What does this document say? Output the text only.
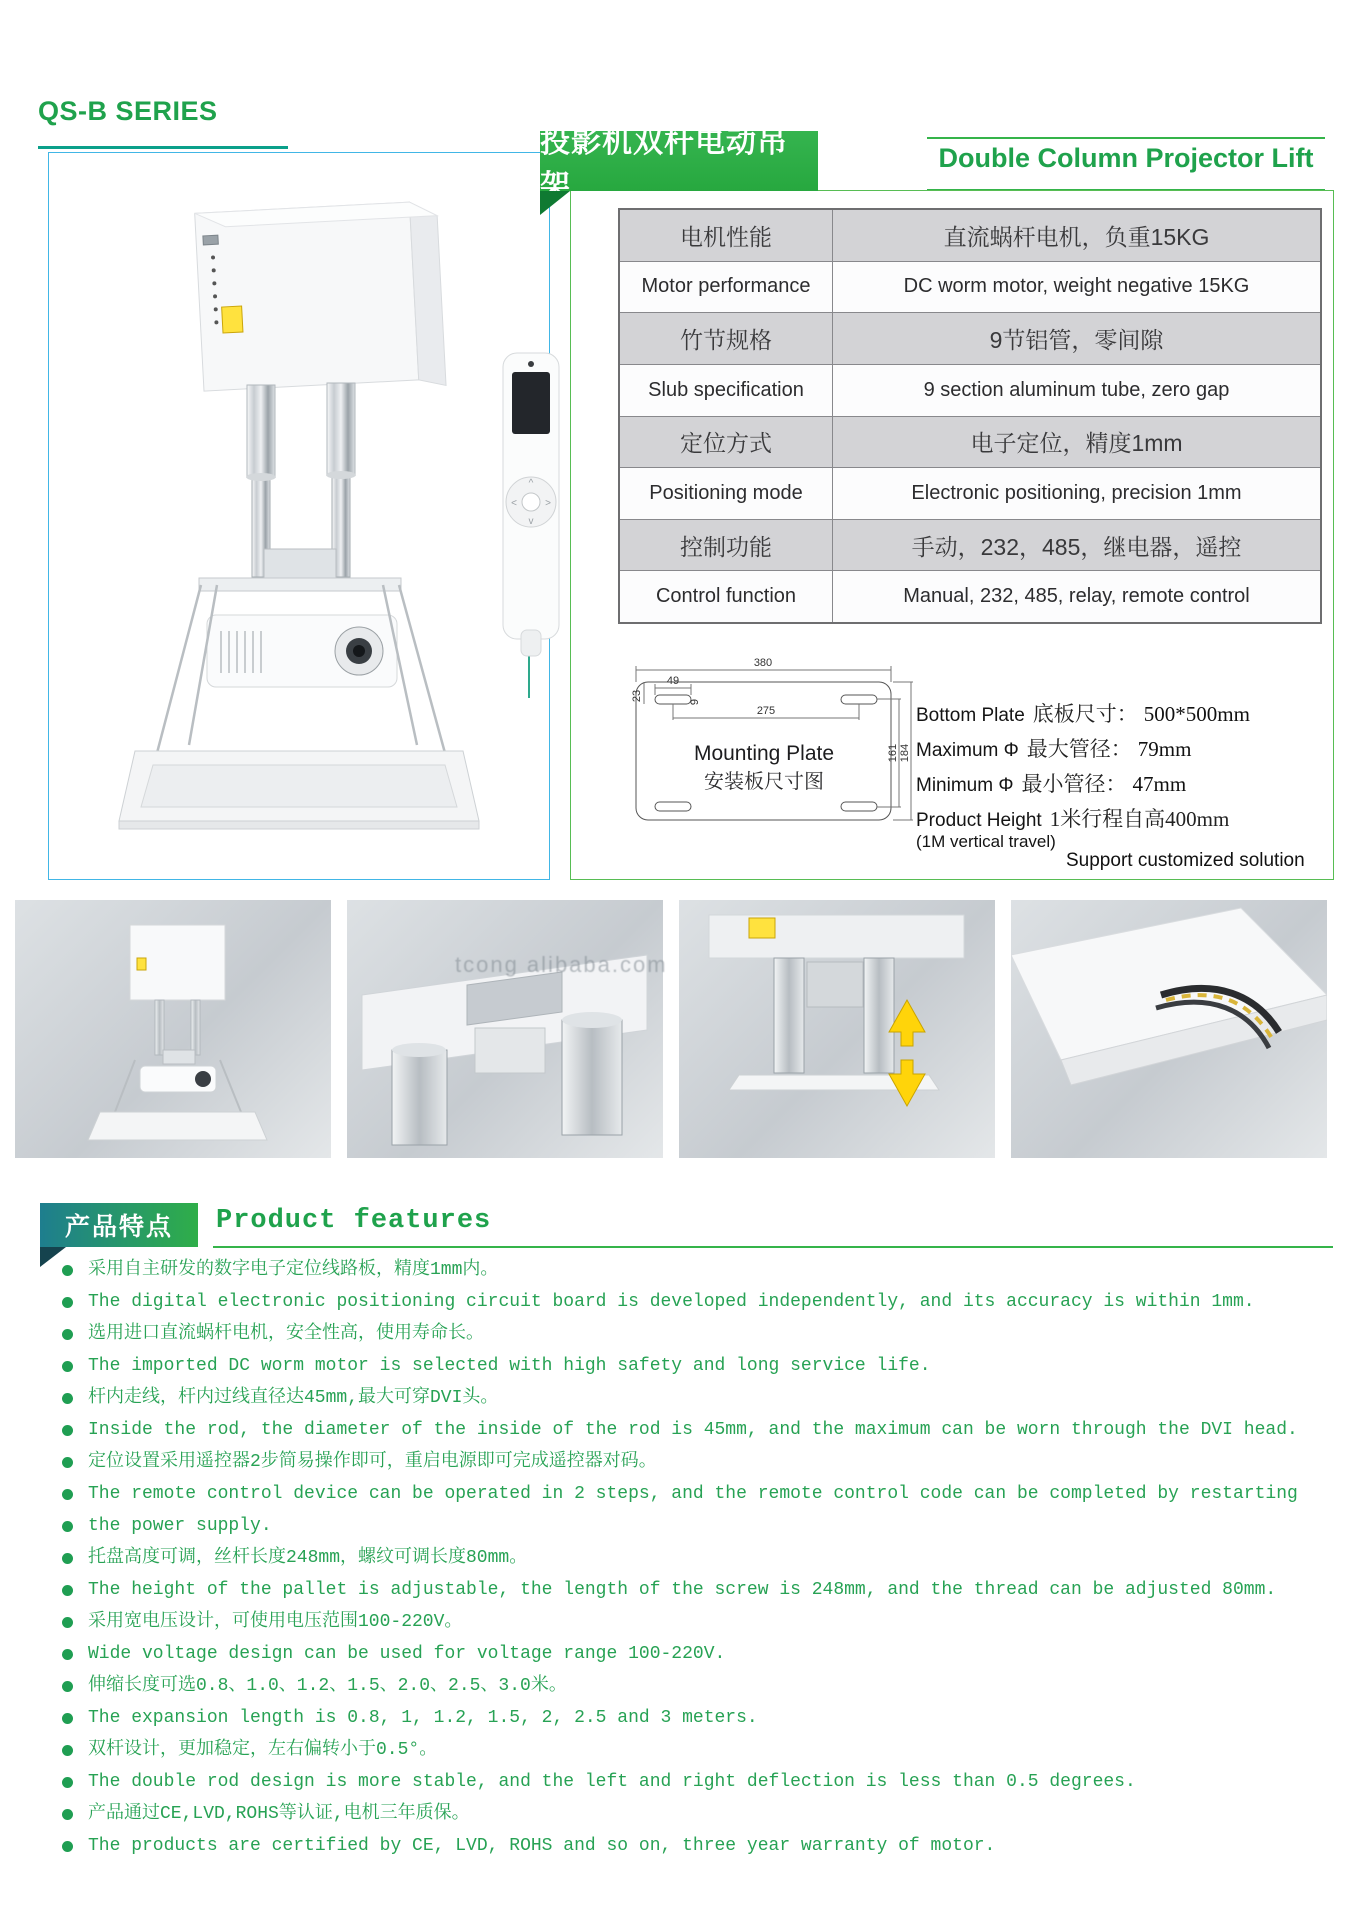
QS-B SERIES
^
v
<	>
投影机双杆电动吊架
Double Column Projector Lift
电机性能	直流蜗杆电机，负重15KG
Motor performance	DC worm motor, weight negative 15KG
竹节规格	9节铝管，零间隙
Slub specification	9 section aluminum tube, zero gap
定位方式	电子定位，精度1mm
Positioning mode	Electronic positioning, precision 1mm
控制功能	手动，232，485，继电器，遥控
Control function	Manual, 232, 485, relay, remote control
380
49
23	9
275
161 184
Mounting Plate
安装板尺寸图
Bottom Plate 底板尺寸： 500*500mm
Maximum Φ 最大管径： 79mm
Minimum Φ 最小管径： 47mm
Product Height 1米行程自高400mm
(1M vertical travel)
Support customized solution
tcong alibaba.com
产品特点 Product features
采用自主研发的数字电子定位线路板，精度1mm内。
The digital electronic positioning circuit board is developed independently, and its accuracy is within 1mm.
选用进口直流蜗杆电机，安全性高，使用寿命长。
The imported DC worm motor is selected with high safety and long service life.
杆内走线，杆内过线直径达45mm,最大可穿DVI头。
Inside the rod, the diameter of the inside of the rod is 45mm, and the maximum can be worn through the DVI head.
定位设置采用遥控器2步简易操作即可，重启电源即可完成遥控器对码。
The remote control device can be operated in 2 steps, and the remote control code can be completed by restarting
the power supply.
托盘高度可调，丝杆长度248mm，螺纹可调长度80mm。
The height of the pallet is adjustable, the length of the screw is 248mm, and the thread can be adjusted 80mm.
采用宽电压设计，可使用电压范围100-220V。
Wide voltage design can be used for voltage range 100-220V.
伸缩长度可选0.8、1.0、1.2、1.5、2.0、2.5、3.0米。
The expansion length is 0.8, 1, 1.2, 1.5, 2, 2.5 and 3 meters.
双杆设计，更加稳定，左右偏转小于0.5°。
The double rod design is more stable, and the left and right deflection is less than 0.5 degrees.
产品通过CE,LVD,ROHS等认证,电机三年质保。
The products are certified by CE, LVD, ROHS and so on, three year warranty of motor.
